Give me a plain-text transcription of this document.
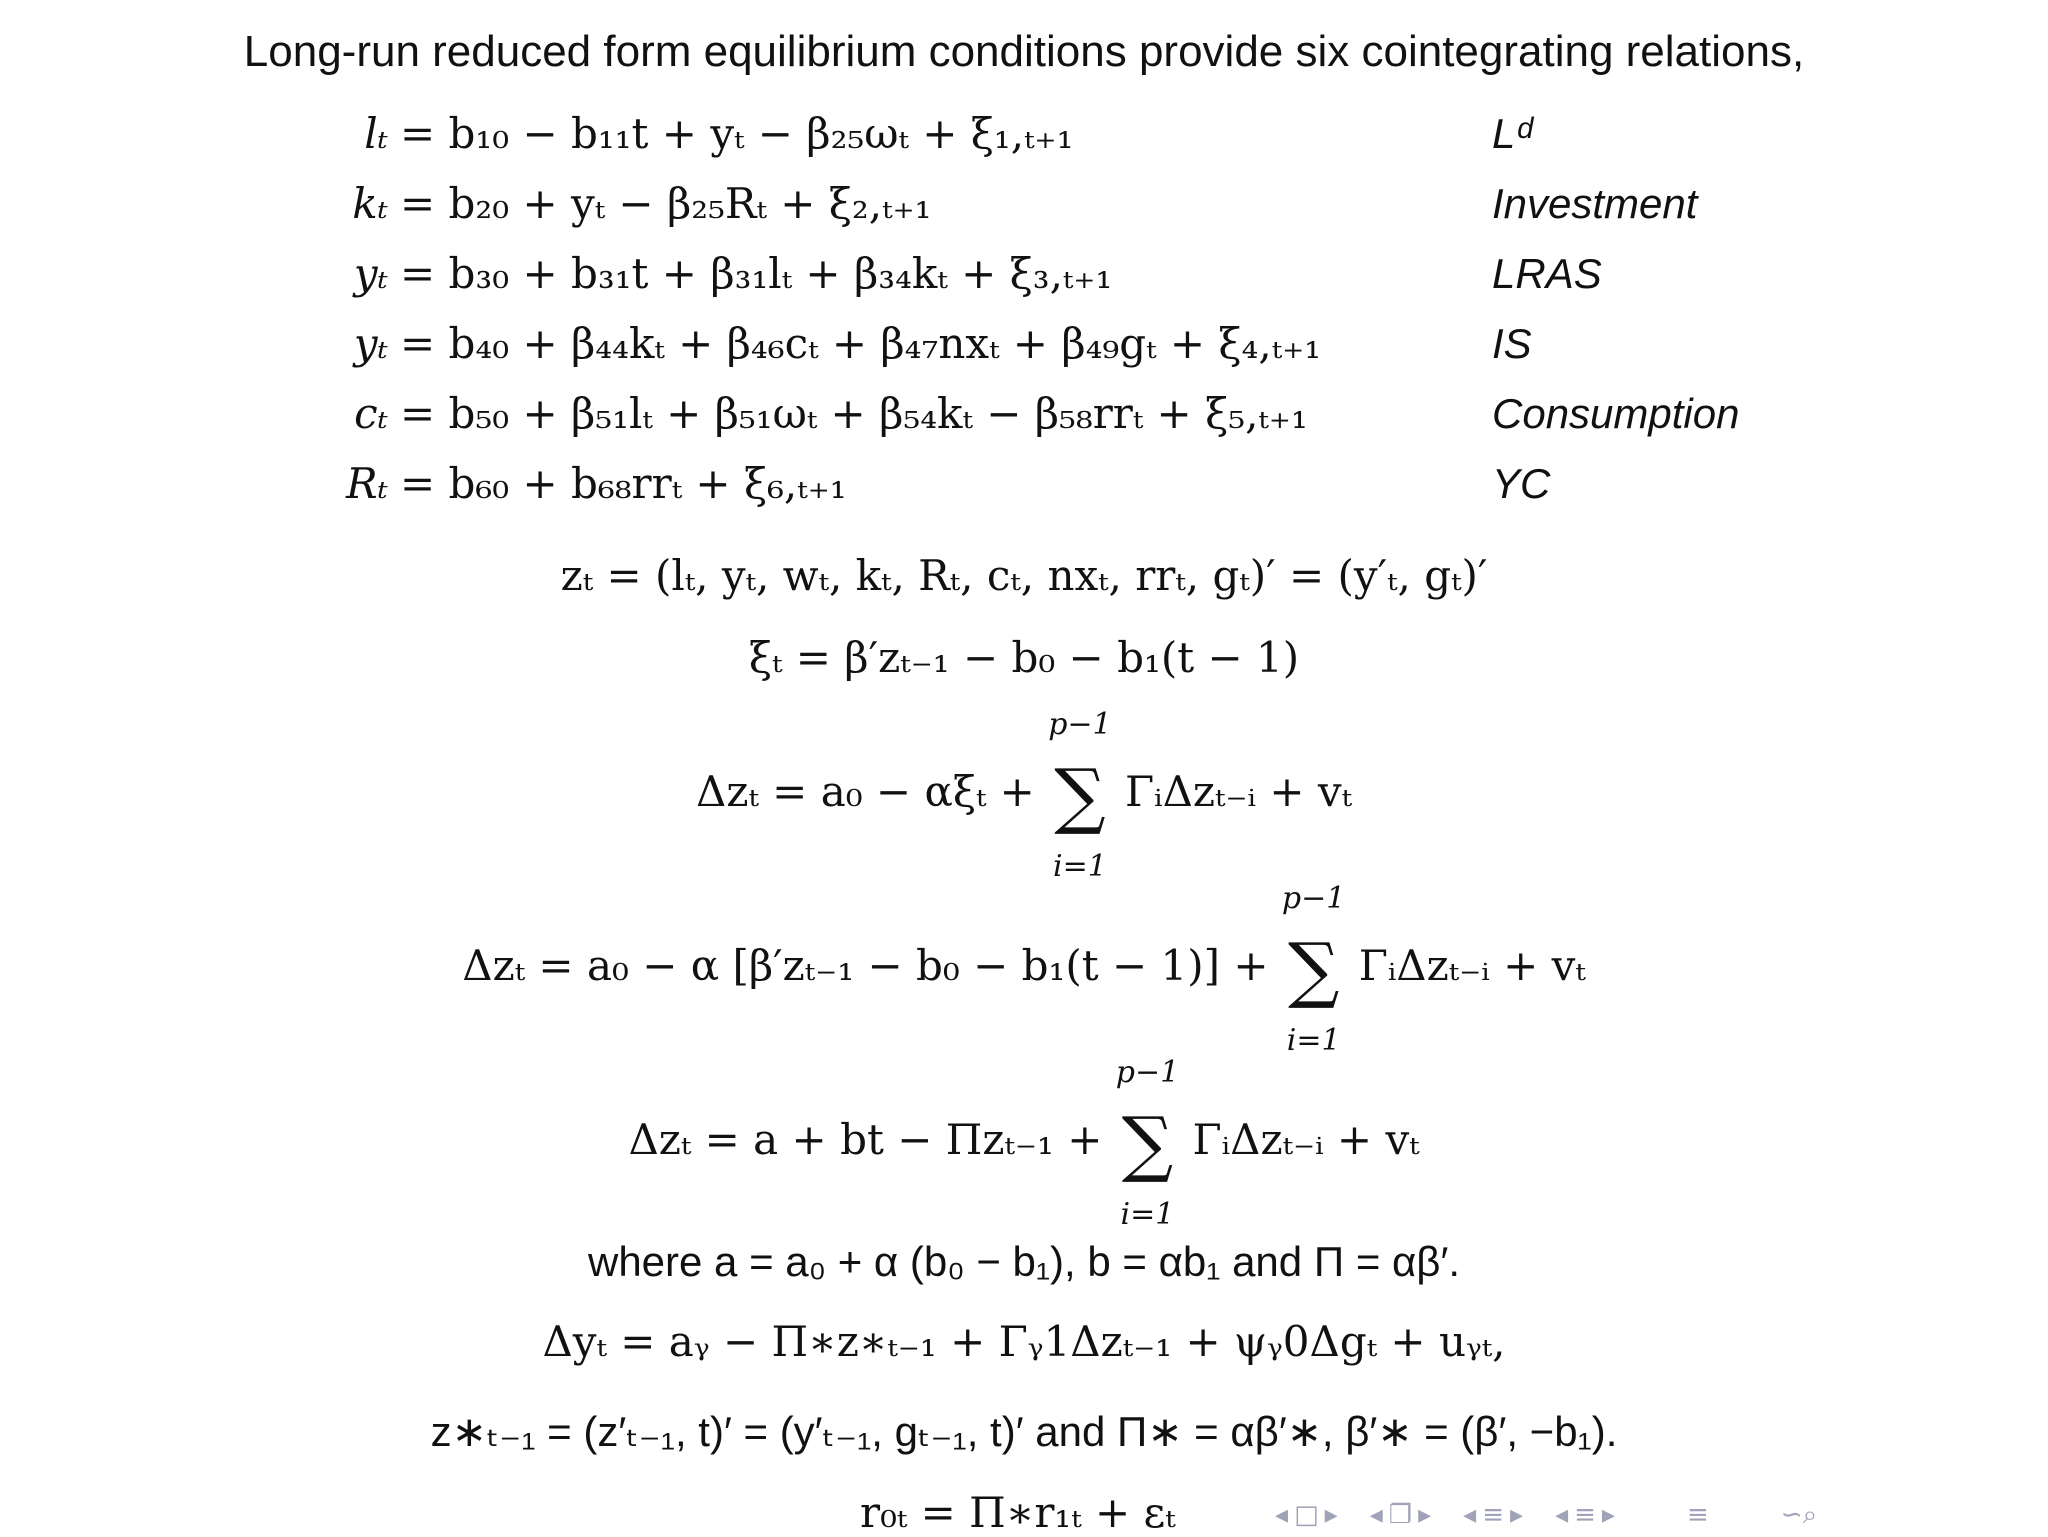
Long-run reduced form equilibrium conditions provide six cointegrating relations,
lₜ = b₁₀ − b₁₁t + yₜ − β₂₅ωₜ + ξ₁,ₜ₊₁	Lᵈ
kₜ = b₂₀ + yₜ − β₂₅Rₜ + ξ₂,ₜ₊₁	Investment
yₜ = b₃₀ + b₃₁t + β₃₁lₜ + β₃₄kₜ + ξ₃,ₜ₊₁	LRAS
yₜ = b₄₀ + β₄₄kₜ + β₄₆cₜ + β₄₇nxₜ + β₄₉gₜ + ξ₄,ₜ₊₁	IS
cₜ = b₅₀ + β₅₁lₜ + β₅₁ωₜ + β₅₄kₜ − β₅₈rrₜ + ξ₅,ₜ₊₁	Consumption
Rₜ = b₆₀ + b₆₈rrₜ + ξ₆,ₜ₊₁	YC
zₜ = (lₜ, yₜ, wₜ, kₜ, Rₜ, cₜ, nxₜ, rrₜ, gₜ)′ = (y′ₜ, gₜ)′
ξₜ = β′zₜ₋₁ − b₀ − b₁(t − 1)
Δzₜ = a₀ − αξₜ + ∑
p−1
i=1
ΓᵢΔzₜ₋ᵢ + vₜ
Δzₜ = a₀ − α [β′zₜ₋₁ − b₀ − b₁(t − 1)] + ∑
p−1
i=1
ΓᵢΔzₜ₋ᵢ + vₜ
Δzₜ = a + bt − Πzₜ₋₁ + ∑
p−1
i=1
ΓᵢΔzₜ₋ᵢ + vₜ
where a = a₀ + α (b₀ − b₁), b = αb₁ and Π = αβ′.
Δyₜ = aᵧ − Π∗z∗ₜ₋₁ + Γᵧ1Δzₜ₋₁ + ψᵧ0Δgₜ + uᵧₜ,
z∗ₜ₋₁ = (z′ₜ₋₁, t)′ = (y′ₜ₋₁, gₜ₋₁, t)′ and Π∗ = αβ′∗, β′∗ = (β′, −b₁).
r₀ₜ = Π∗r₁ₜ + εₜ	◂ □ ▸ ◂ ❐ ▸ ◂ ≡ ▸ ◂ ≡ ▸	≡	∽⌕
